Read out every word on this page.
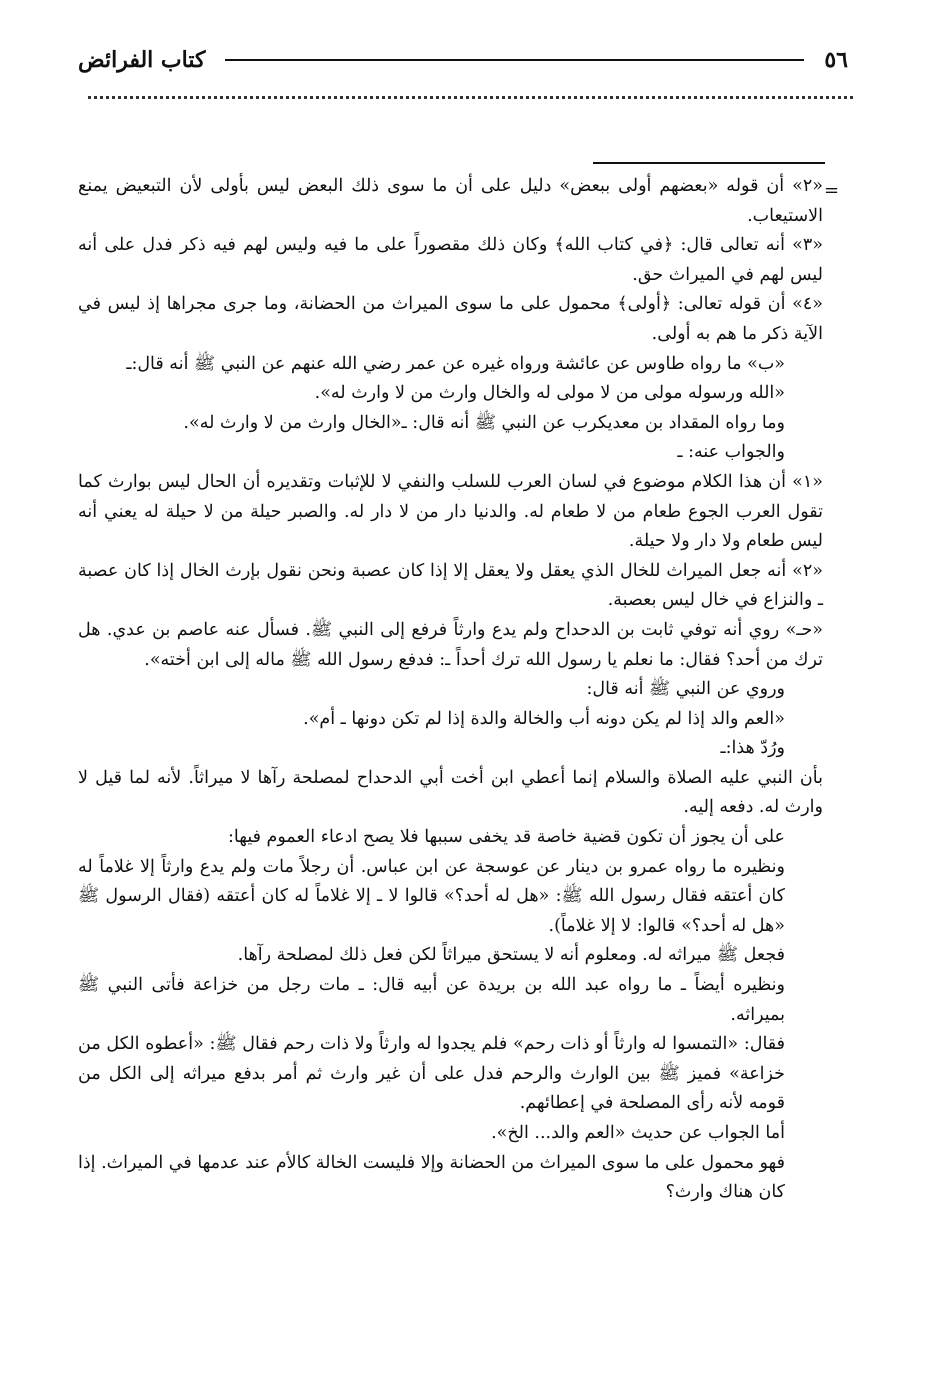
٥٦
كتاب الفرائض
=

«٢» أن قوله «بعضهم أولى ببعض» دليل على أن ما سوى ذلك البعض ليس بأولى لأن التبعيض يمنع الاستيعاب.

«٣» أنه تعالى قال: ﴿في كتاب الله﴾ وكان ذلك مقصوراً على ما فيه وليس لهم فيه ذكر فدل على أنه ليس لهم في الميراث حق.

«٤» أن قوله تعالى: ﴿أولى﴾ محمول على ما سوى الميراث من الحضانة، وما جرى مجراها إذ ليس في الآية ذكر ما هم به أولى.

«ب» ما رواه طاوس عن عائشة ورواه غيره عن عمر رضي الله عنهم عن النبي ﷺ أنه قال:ـ

«الله ورسوله مولى من لا مولى له والخال وارث من لا وارث له».

وما رواه المقداد بن معديكرب عن النبي ﷺ أنه قال: ـ«الخال وارث من لا وارث له».

والجواب عنه: ـ

«١» أن هذا الكلام موضوع في لسان العرب للسلب والنفي لا للإثبات وتقديره أن الحال ليس بوارث كما تقول العرب الجوع طعام من لا طعام له. والدنيا دار من لا دار له. والصبر حيلة من لا حيلة له يعني أنه ليس طعام ولا دار ولا حيلة.

«٢» أنه جعل الميراث للخال الذي يعقل ولا يعقل إلا إذا كان عصبة ونحن نقول بإرث الخال إذا كان عصبة ـ والنزاع في خال ليس بعصبة.

«حـ» روي أنه توفي ثابت بن الدحداح ولم يدع وارثاً فرفع إلى النبي ﷺ. فسأل عنه عاصم بن عدي. هل ترك من أحد؟ فقال: ما نعلم يا رسول الله ترك أحداً ـ: فدفع رسول الله ﷺ ماله إلى ابن أخته».

وروي عن النبي ﷺ أنه قال:

«العم والد إذا لم يكن دونه أب والخالة والدة إذا لم تكن دونها ـ أم».

ورُدّ هذا:ـ

بأن النبي عليه الصلاة والسلام إنما أعطي ابن أخت أبي الدحداح لمصلحة رآها لا ميراثاً. لأنه لما قيل لا وارث له. دفعه إليه.

على أن يجوز أن تكون قضية خاصة قد يخفى سببها فلا يصح ادعاء العموم فيها:

ونظيره ما رواه عمرو بن دينار عن عوسجة عن ابن عباس. أن رجلاً مات ولم يدع وارثاً إلا غلاماً له كان أعتقه فقال رسول الله ﷺ: «هل له أحد؟» قالوا لا ـ إلا غلاماً له كان أعتقه (فقال الرسول ﷺ «هل له أحد؟» قالوا: لا إلا غلاماً).

فجعل ﷺ ميراثه له. ومعلوم أنه لا يستحق ميراثاً لكن فعل ذلك لمصلحة رآها.

ونظيره أيضاً ـ ما رواه عبد الله بن بريدة عن أبيه قال: ـ مات رجل من خزاعة فأتى النبي ﷺ بميراثه.

فقال: «التمسوا له وارثاً أو ذات رحم» فلم يجدوا له وارثاً ولا ذات رحم فقال ﷺ: «أعطوه الكل من خزاعة» فميز ﷺ بين الوارث والرحم فدل على أن غير وارث ثم أمر بدفع ميراثه إلى الكل من قومه لأنه رأى المصلحة في إعطائهم.

أما الجواب عن حديث «العم والد... الخ».

فهو محمول على ما سوى الميراث من الحضانة وإلا فليست الخالة كالأم عند عدمها في الميراث. إذا كان هناك وارث؟
